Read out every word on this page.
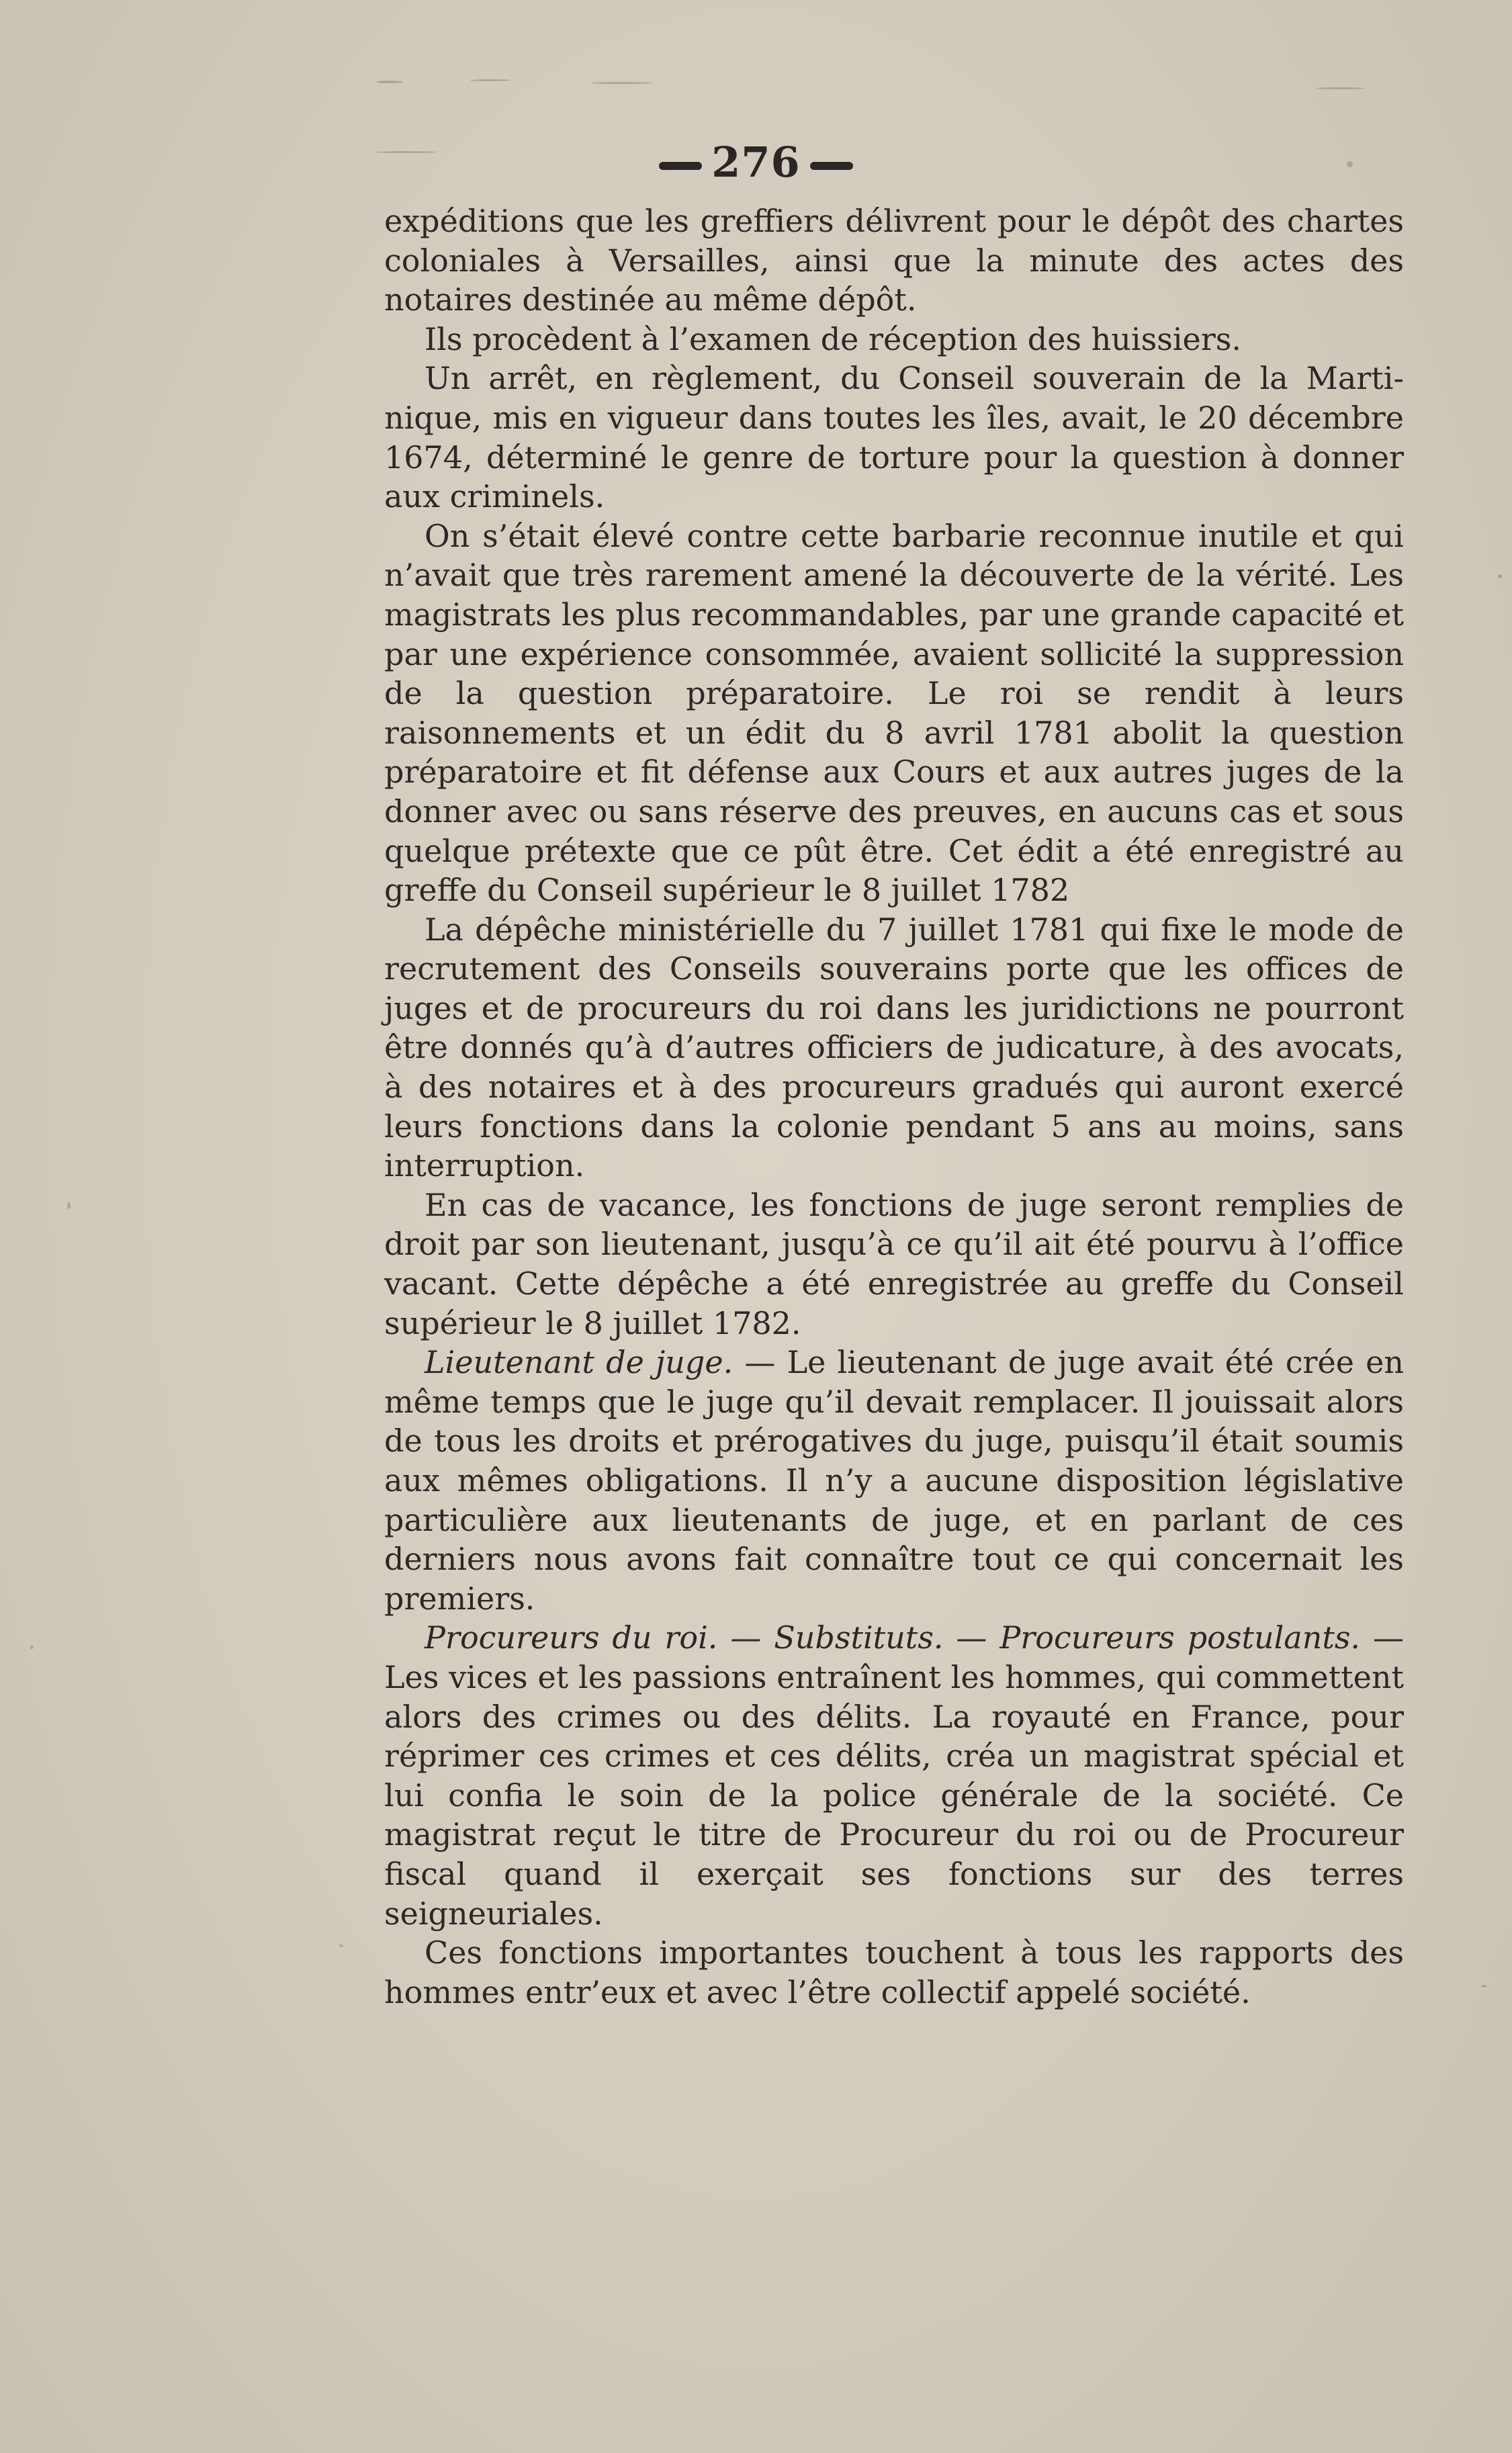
276

expéditions que les greffiers délivrent pour le dépôt des chartes coloniales à Versailles, ainsi que la minute des actes des notaires destinée au même dépôt.

Ils procèdent à l’examen de réception des huissiers.

Un arrêt, en règlement, du Conseil souverain de la Martinique, mis en vigueur dans toutes les îles, avait, le 20 décembre 1674, déterminé le genre de torture pour la question à donner aux criminels.

On s’était élevé contre cette barbarie reconnue inutile et qui n’avait que très rarement amené la découverte de la vérité. Les magistrats les plus recommandables, par une grande capacité et par une expérience consommée, avaient sollicité la suppression de la question préparatoire. Le roi se rendit à leurs raisonnements et un édit du 8 avril 1781 abolit la question préparatoire et fit défense aux Cours et aux autres juges de la donner avec ou sans réserve des preuves, en aucuns cas et sous quelque prétexte que ce pût être. Cet édit a été enregistré au greffe du Conseil supérieur le 8 juillet 1782

La dépêche ministérielle du 7 juillet 1781 qui fixe le mode de recrutement des Conseils souverains porte que les offices de juges et de procureurs du roi dans les juridictions ne pourront être donnés qu’à d’autres officiers de judicature, à des avocats, à des notaires et à des procureurs gradués qui auront exercé leurs fonctions dans la colonie pendant 5 ans au moins, sans interruption.

En cas de vacance, les fonctions de juge seront remplies de droit par son lieutenant, jusqu’à ce qu’il ait été pourvu à l’office vacant. Cette dépêche a été enregistrée au greffe du Conseil supérieur le 8 juillet 1782.

Lieutenant de juge. — Le lieutenant de juge avait été crée en même temps que le juge qu’il devait remplacer. Il jouissait alors de tous les droits et prérogatives du juge, puisqu’il était soumis aux mêmes obligations. Il n’y a aucune disposition législative particulière aux lieutenants de juge, et en parlant de ces derniers nous avons fait connaître tout ce qui concernait les premiers.

Procureurs du roi. — Substituts. — Procureurs postulants. — Les vices et les passions entraînent les hommes, qui commettent alors des crimes ou des délits. La royauté en France, pour réprimer ces crimes et ces délits, créa un magistrat spécial et lui confia le soin de la police générale de la société. Ce magistrat reçut le titre de Procureur du roi ou de Procureur fiscal quand il exerçait ses fonctions sur des terres seigneuriales.

Ces fonctions importantes touchent à tous les rapports des hommes entr’eux et avec l’être collectif appelé société.
